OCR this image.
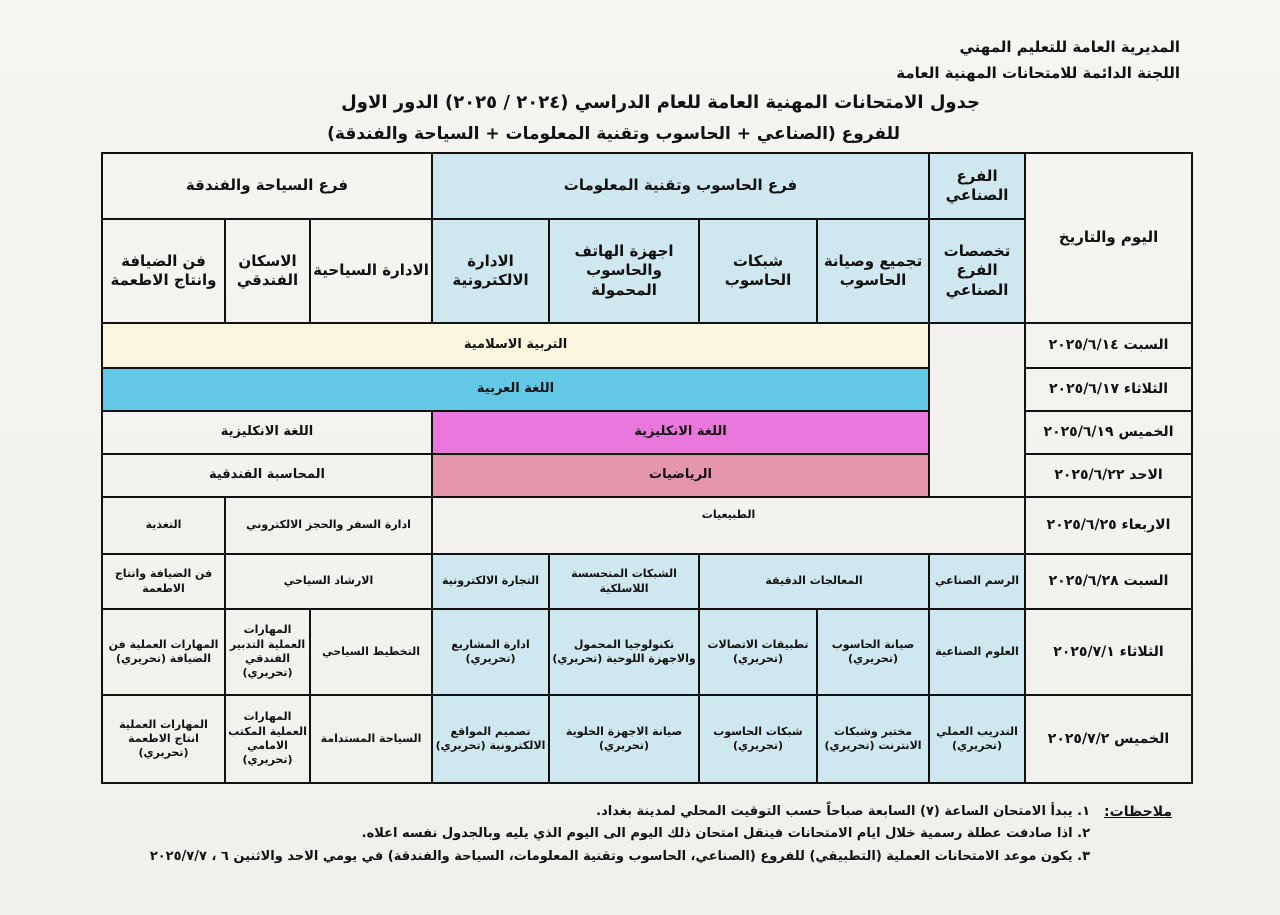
المديرية العامة للتعليم المهني
اللجنة الدائمة للامتحانات المهنية العامة
جدول الامتحانات المهنية العامة للعام الدراسي (٢٠٢٤ / ٢٠٢٥) الدور الاول
للفروع (الصناعي + الحاسوب وتقنية المعلومات + السياحة والفندقة)
اليوم والتاريخ	الفرع الصناعي	فرع الحاسوب وتقنية المعلومات				فرع السياحة والفندقة		
	تخصصات الفرع الصناعي	تجميع وصيانة الحاسوب	شبكات الحاسوب	اجهزة الهاتف والحاسوب المحمولة	الادارة الالكترونية	الادارة السياحية	الاسكان الفندقي	فن الضيافة وانتاج الاطعمة
السبت ٢٠٢٥/٦/١٤		التربية الاسلامية						
الثلاثاء ٢٠٢٥/٦/١٧		اللغة العربية						
الخميس ٢٠٢٥/٦/١٩		اللغة الانكليزية				اللغة الانكليزية		
الاحد ٢٠٢٥/٦/٢٢		الرياضيات				المحاسبة الفندقية		
الاربعاء ٢٠٢٥/٦/٢٥	الطبيعيات					ادارة السفر والحجز الالكتروني		التغذية
السبت ٢٠٢٥/٦/٢٨	الرسم الصناعي	المعالجات الدقيقة		الشبكات المتحسسة اللاسلكية	التجارة الالكترونية	الارشاد السياحي		فن الضيافة وانتاج الاطعمة
الثلاثاء ٢٠٢٥/٧/١	العلوم الصناعية	صيانة الحاسوب (تحريري)	تطبيقات الاتصالات (تحريري)	تكنولوجيا المحمول والاجهزة اللوحية (تحريري)	ادارة المشاريع (تحريري)	التخطيط السياحي	المهارات العملية التدبير الفندقي (تحريري)	المهارات العملية فن الضيافة (تحريري)
الخميس ٢٠٢٥/٧/٢	التدريب العملي (تحريري)	مختبر وشبكات الانترنت (تحريري)	شبكات الحاسوب (تحريري)	صيانة الاجهزة الخلوية (تحريري)	تصميم المواقع الالكترونية (تحريري)	السياحة المستدامة	المهارات العملية المكتب الامامي (تحريري)	المهارات العملية انتاج الاطعمة (تحريري)
ملاحظات:
١. يبدأ الامتحان الساعة (٧) السابعة صباحاً حسب التوقيت المحلي لمدينة بغداد.
٢. اذا صادفت عطلة رسمية خلال ايام الامتحانات فينقل امتحان ذلك اليوم الى اليوم الذي يليه وبالجدول نفسه اعلاه.
٣. يكون موعد الامتحانات العملية (التطبيقي) للفروع (الصناعي، الحاسوب وتقنية المعلومات، السياحة والفندقة) في يومي الاحد والاثنين ٦ ، ٢٠٢٥/٧/٧
